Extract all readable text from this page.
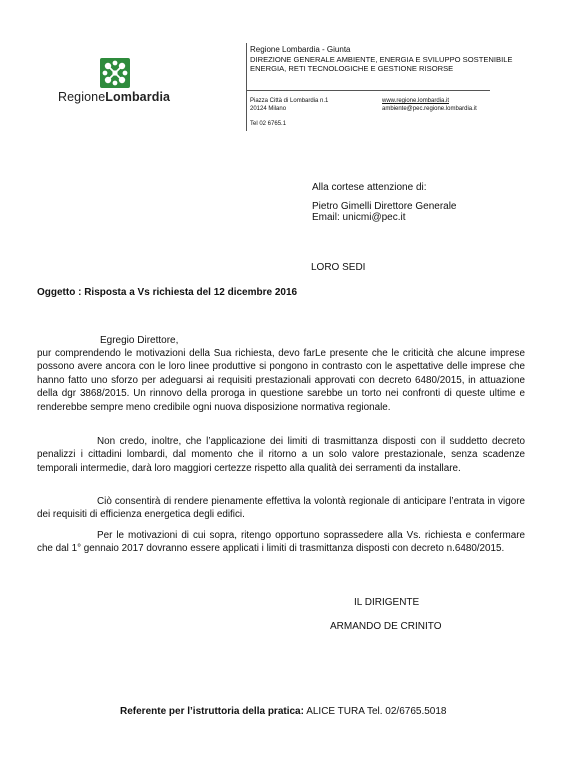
RegioneLombardia
Regione Lombardia - Giunta
DIREZIONE GENERALE AMBIENTE, ENERGIA E SVILUPPO SOSTENIBILE
ENERGIA, RETI TECNOLOGICHE E GESTIONE RISORSE
Piazza Città di Lombardia n.1
20124 Milano
Tel 02 6765.1
www.regione.lombardia.it
ambiente@pec.regione.lombardia.it
Alla cortese attenzione di:
Pietro Gimelli Direttore Generale
Email: unicmi@pec.it
LORO SEDI
Oggetto : Risposta a Vs richiesta del 12 dicembre 2016
Egregio Direttore,
pur comprendendo le motivazioni della Sua richiesta, devo farLe presente che le criticità che alcune imprese possono avere ancora con le loro linee produttive si pongono in contrasto con le aspettative delle imprese che hanno fatto uno sforzo per adeguarsi ai requisiti prestazionali approvati con decreto 6480/2015, in attuazione della dgr 3868/2015. Un rinnovo della proroga in questione sarebbe un torto nei confronti di queste ultime e renderebbe sempre meno credibile ogni nuova disposizione normativa regionale.
Non credo, inoltre, che l’applicazione dei limiti di trasmittanza disposti con il suddetto decreto penalizzi i cittadini lombardi, dal momento che il ritorno a un solo valore prestazionale, senza scadenze temporali intermedie, darà loro maggiori certezze rispetto alla qualità dei serramenti da installare.
Ciò consentirà di rendere pienamente effettiva la volontà regionale di anticipare l’entrata in vigore dei requisiti di efficienza energetica degli edifici.
Per le motivazioni di cui sopra, ritengo opportuno soprassedere alla Vs. richiesta e confermare che dal 1° gennaio 2017 dovranno essere applicati i limiti di trasmittanza disposti con decreto n.6480/2015.
IL DIRIGENTE
ARMANDO DE CRINITO
Referente per l’istruttoria della pratica: ALICE TURA Tel. 02/6765.5018
